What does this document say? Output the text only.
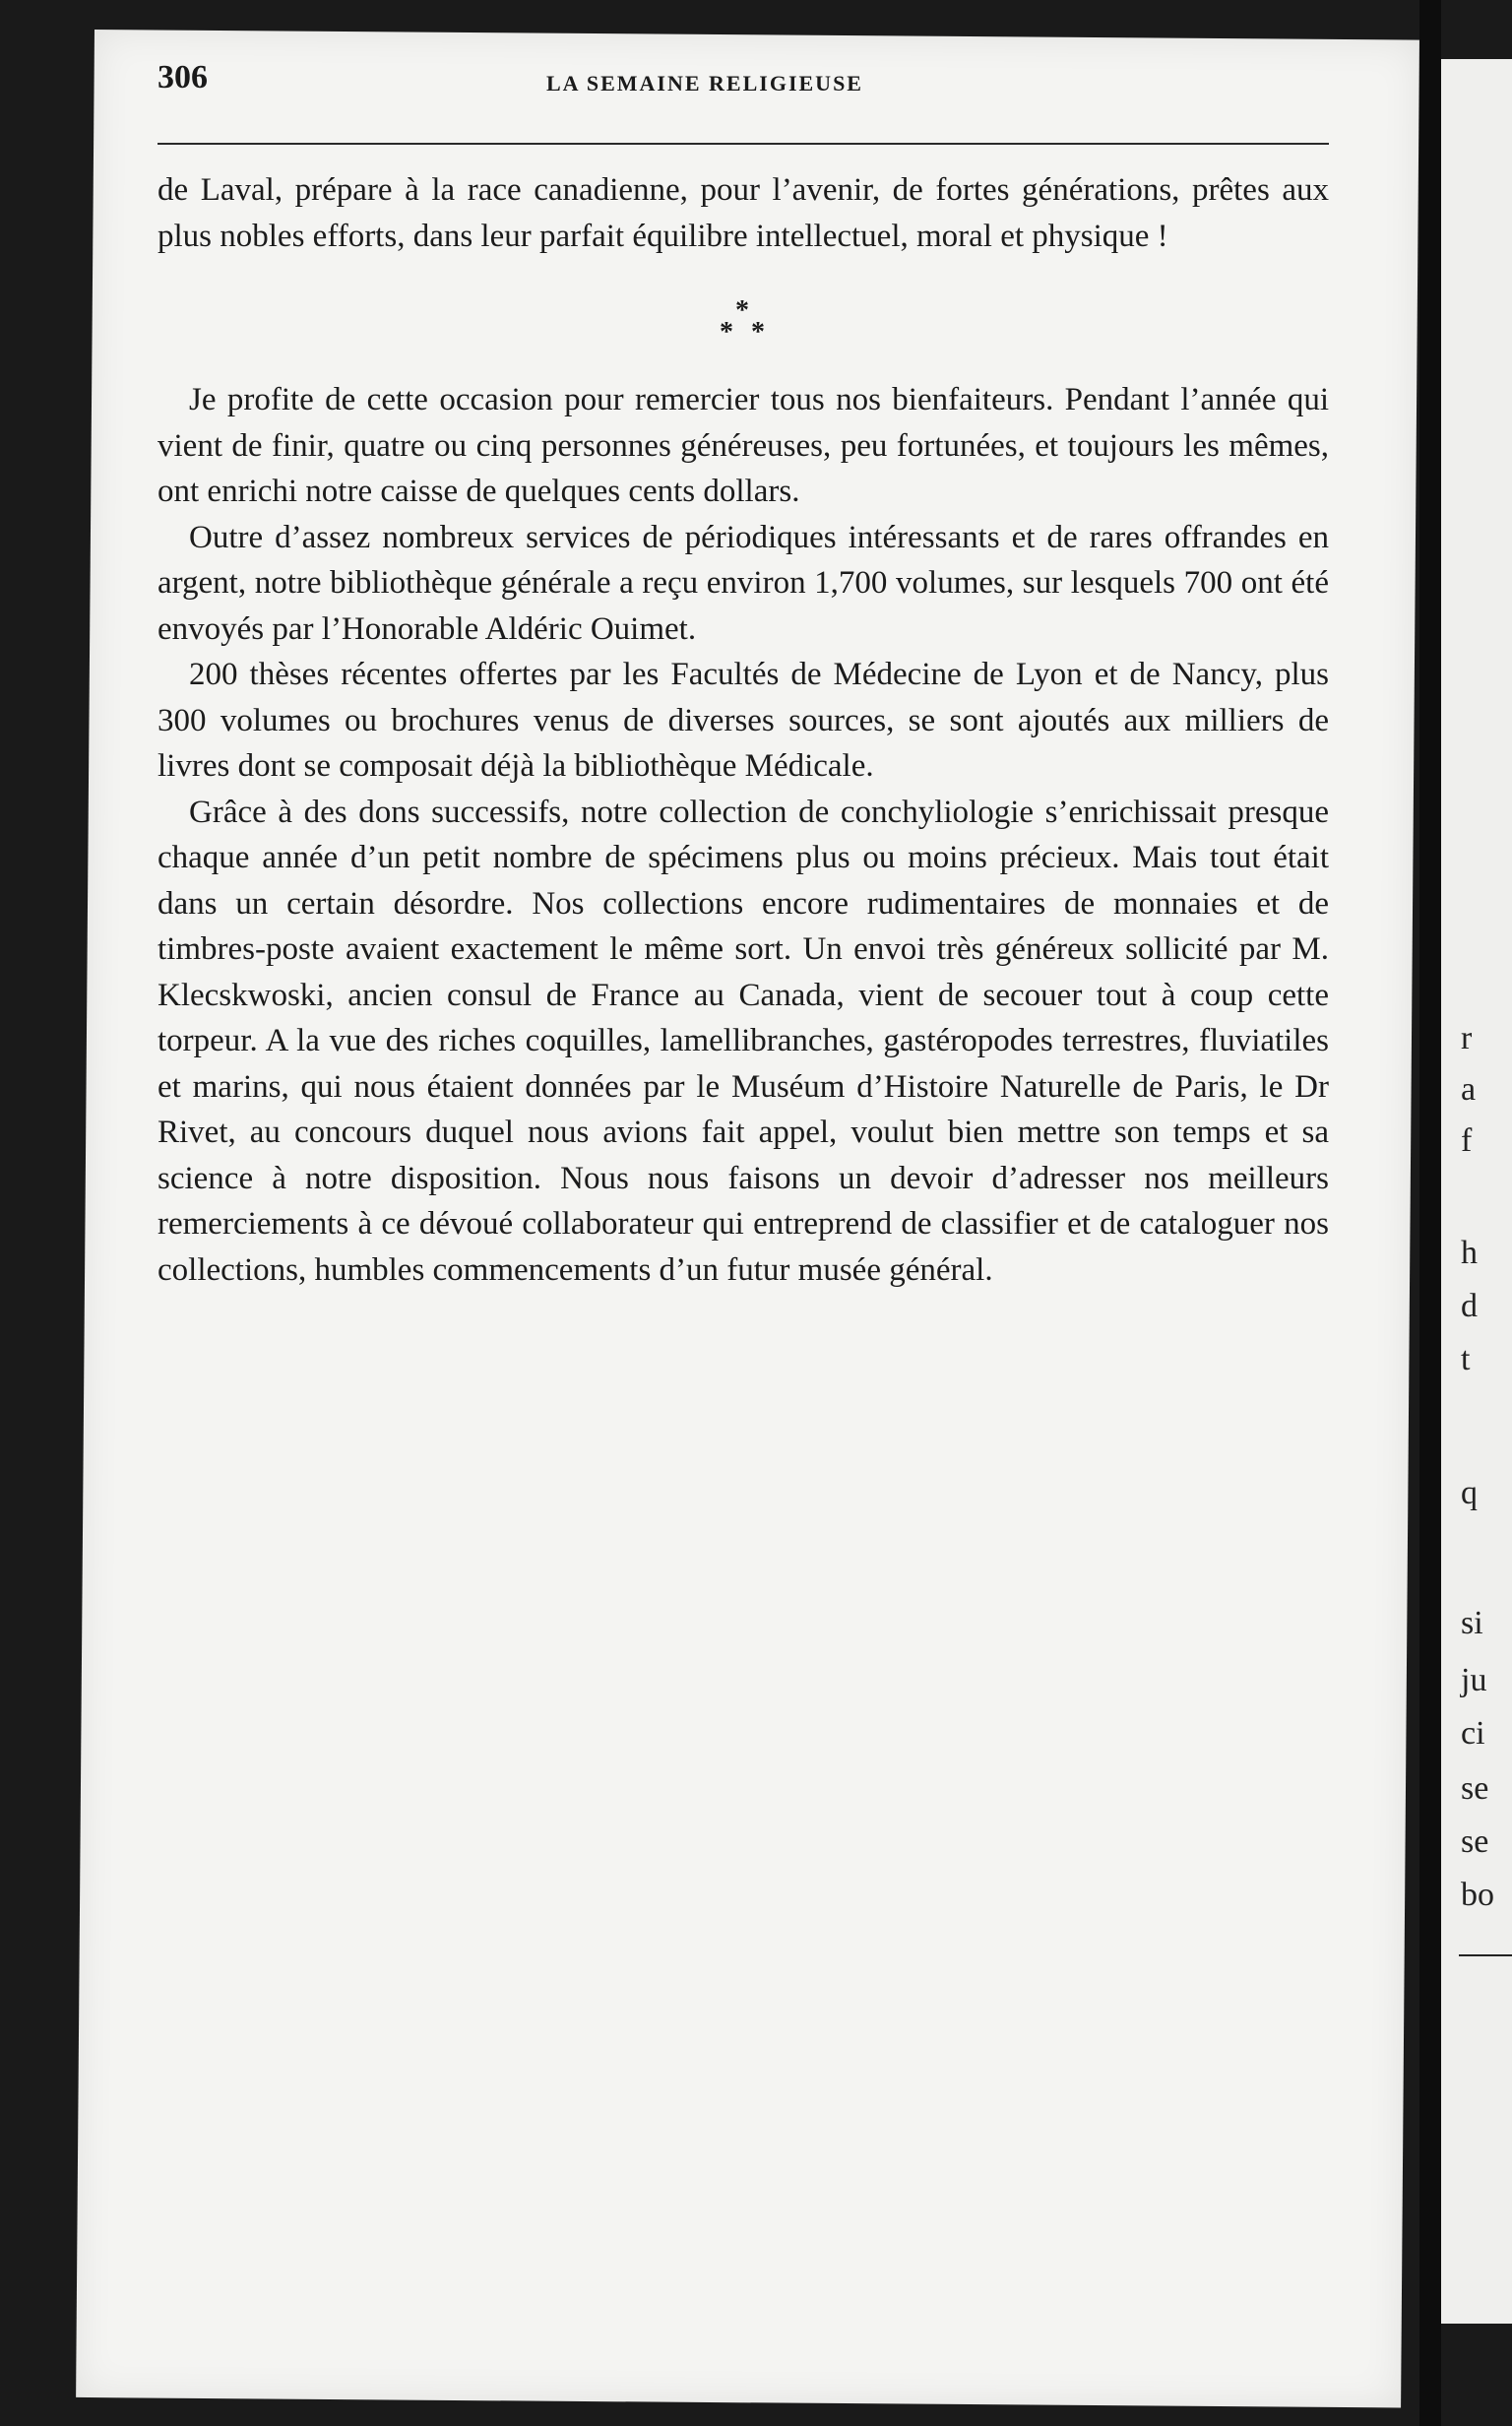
306	LA SEMAINE RELIGIEUSE

de Laval, prépare à la race canadienne, pour l’avenir, de fortes générations, prêtes aux plus nobles efforts, dans leur parfait équilibre intellectuel, moral et physique !

*
* *

Je profite de cette occasion pour remercier tous nos bienfaiteurs. Pendant l’année qui vient de finir, quatre ou cinq personnes généreuses, peu fortunées, et toujours les mêmes, ont enrichi notre caisse de quelques cents dollars.

Outre d’assez nombreux services de périodiques intéressants et de rares offrandes en argent, notre bibliothèque générale a reçu environ 1,700 volumes, sur lesquels 700 ont été envoyés par l’Honorable Aldéric Ouimet.

200 thèses récentes offertes par les Facultés de Médecine de Lyon et de Nancy, plus 300 volumes ou brochures venus de diverses sources, se sont ajoutés aux milliers de livres dont se composait déjà la bibliothèque Médicale.

Grâce à des dons successifs, notre collection de conchyliologie s’enrichissait presque chaque année d’un petit nombre de spécimens plus ou moins précieux. Mais tout était dans un certain désordre. Nos collections encore rudimentaires de monnaies et de timbres-poste avaient exactement le même sort. Un envoi très généreux sollicité par M. Klecskwoski, ancien consul de France au Canada, vient de secouer tout à coup cette torpeur. A la vue des riches coquilles, lamellibranches, gastéropodes terrestres, fluviatiles et marins, qui nous étaient données par le Muséum d’Histoire Naturelle de Paris, le Dr Rivet, au concours duquel nous avions fait appel, voulut bien mettre son temps et sa science à notre disposition. Nous nous faisons un devoir d’adresser nos meilleurs remerciements à ce dévoué collaborateur qui entreprend de classifier et de cataloguer nos collections, humbles commencements d’un futur musée général.

r
a
f
h
d
t
q
si
ju
ci
se
se
bo
